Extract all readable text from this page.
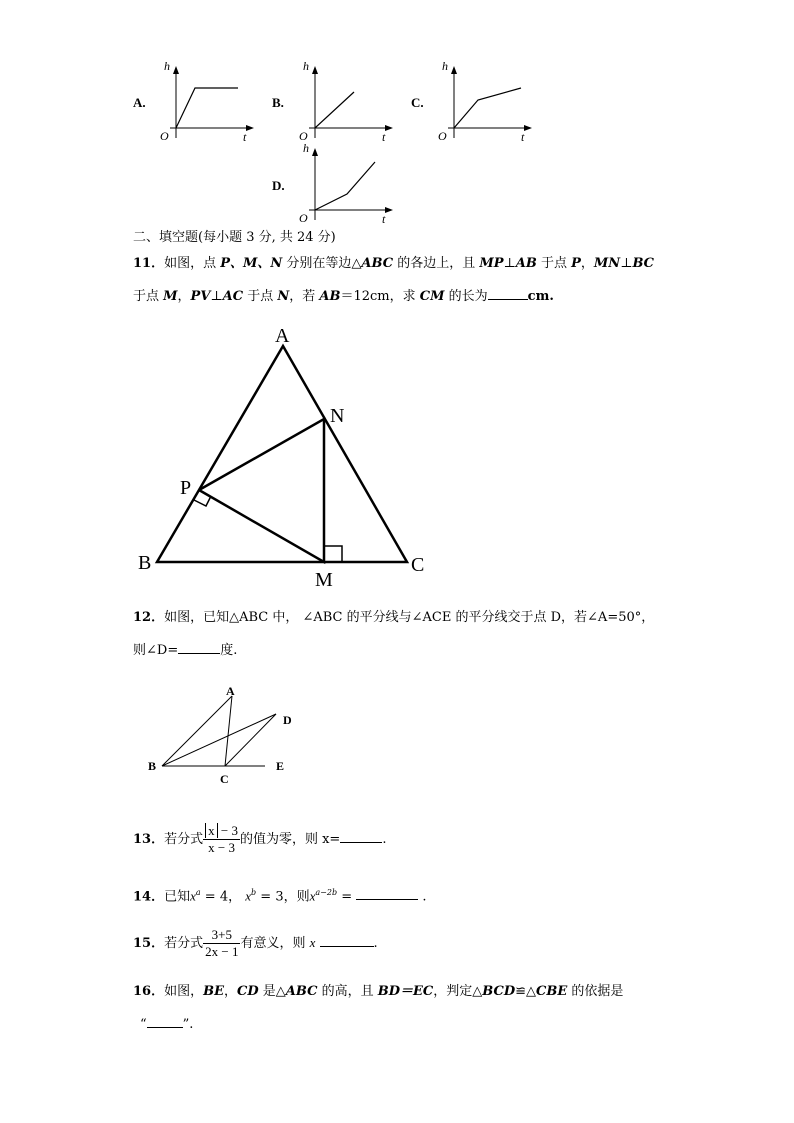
A.
h
t
O
B.
h
t
O
C.
h
t
O
D.
h
t
O
二、填空题(每小题 3 分, 共 24 分)
11．如图，点 P、M、N 分别在等边△ABC 的各边上，且 MP⊥AB 于点 P，MN⊥BC
于点 M，PV⊥AC 于点 N，若 AB＝12cm，求 CM 的长为	cm.
A
B	C
P
M
N
12．如图，已知△ABC 中， ∠ABC 的平分线与∠ACE 的平分线交于点 D，若∠A=50°，
则∠D=	度.
A
B
C
D
E
13．若分式 $\frac{x - 3}{x - 3}$ 的值为零，则 x=	.
14．已知$x^a = 4$， $x^b = 3$，则$x^{a-2b}$ =	.
15．若分式 $\frac{3+5}{2x - 1}$ 有意义，则 x	.
16．如图，BE，CD 是△ABC 的高，且 BD＝EC，判定△BCD≌△CBE 的依据是
“	”.
